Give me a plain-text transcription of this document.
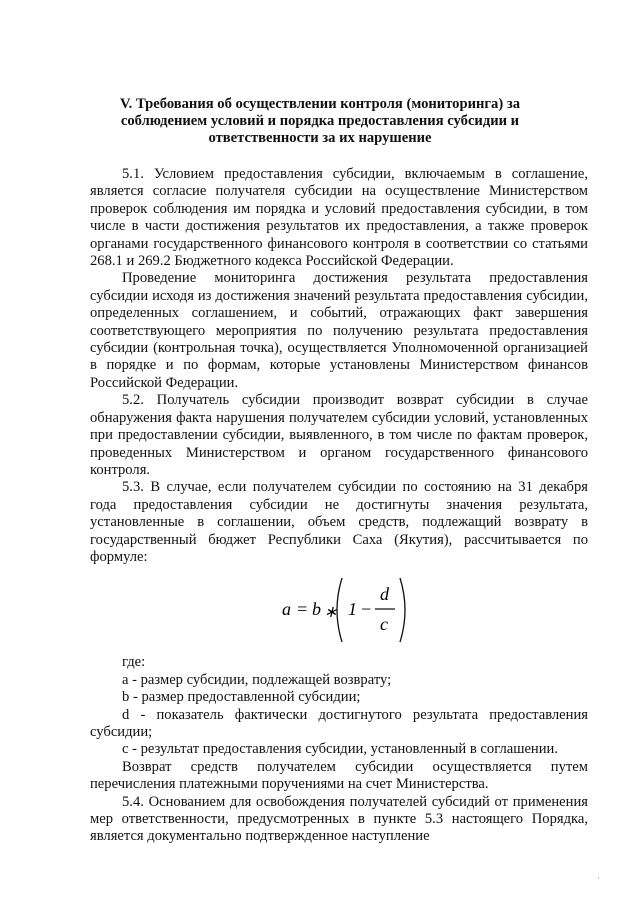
V. Требования об осуществлении контроля (мониторинга) за
соблюдением условий и порядка предоставления субсидии и
ответственности за их нарушение

5.1. Условием предоставления субсидии, включаемым в соглашение, является согласие получателя субсидии на осуществление Министерством проверок соблюдения им порядка и условий предоставления субсидии, в том числе в части достижения результатов их предоставления, а также проверок органами государственного финансового контроля в соответствии со статьями 268.1 и 269.2 Бюджетного кодекса Российской Федерации.

Проведение мониторинга достижения результата предоставления субсидии исходя из достижения значений результата предоставления субсидии, определенных соглашением, и событий, отражающих факт завершения соответствующего мероприятия по получению результата предоставления субсидии (контрольная точка), осуществляется Уполномоченной организацией в порядке и по формам, которые установлены Министерством финансов Российской Федерации.

5.2. Получатель субсидии производит возврат субсидии в случае обнаружения факта нарушения получателем субсидии условий, установленных при предоставлении субсидии, выявленного, в том числе по фактам проверок, проведенных Министерством и органом государственного финансового контроля.

5.3. В случае, если получателем субсидии по состоянию на 31 декабря года предоставления субсидии не достигнуты значения результата, установленные в соглашении, объем средств, подлежащий возврату в государственный бюджет Республики Саха (Якутия), рассчитывается по формуле:

a = b ∗ 1 −
d
c

где:

а - размер субсидии, подлежащей возврату;

b - размер предоставленной субсидии;

d - показатель фактически достигнутого результата предоставления субсидии;

с - результат предоставления субсидии, установленный в соглашении.

Возврат средств получателем субсидии осуществляется путем перечисления платежными поручениями на счет Министерства.

5.4. Основанием для освобождения получателей субсидий от применения мер ответственности, предусмотренных в пункте 5.3 настоящего Порядка, является документально подтвержденное наступление

⋅
